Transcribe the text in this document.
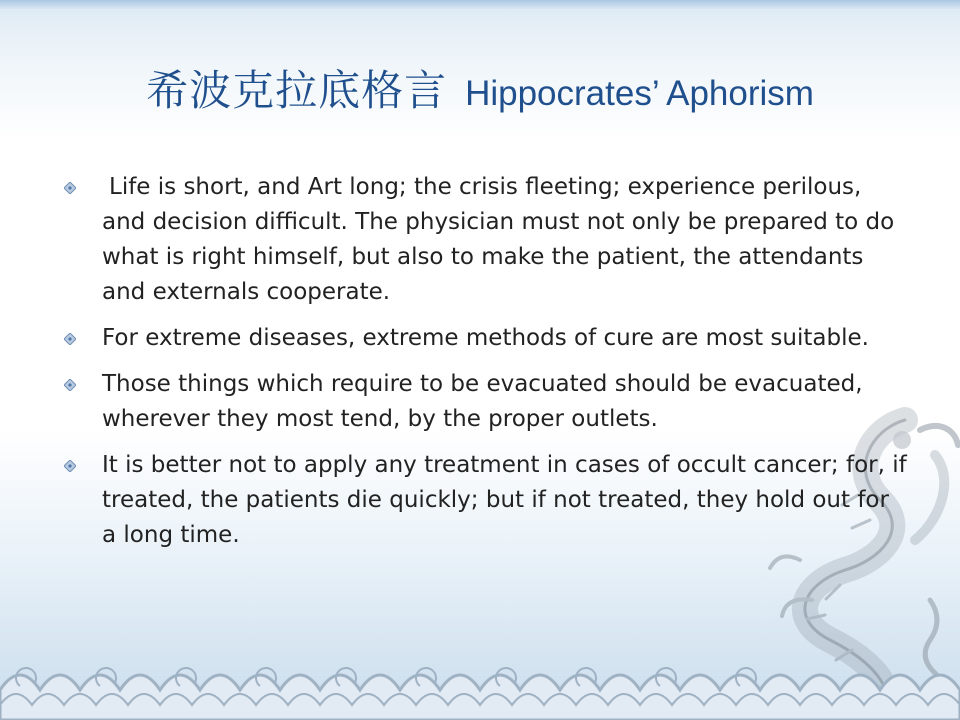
希波克拉底格言 Hippocrates’ Aphorism
Life is short, and Art long; the crisis fleeting; experience perilous, and decision difficult. The physician must not only be prepared to do what is right himself, but also to make the patient, the attendants and externals cooperate.
For extreme diseases, extreme methods of cure are most suitable.
Those things which require to be evacuated should be evacuated, wherever they most tend, by the proper outlets.
It is better not to apply any treatment in cases of occult cancer; for, if treated, the patients die quickly; but if not treated, they hold out for a long time.
